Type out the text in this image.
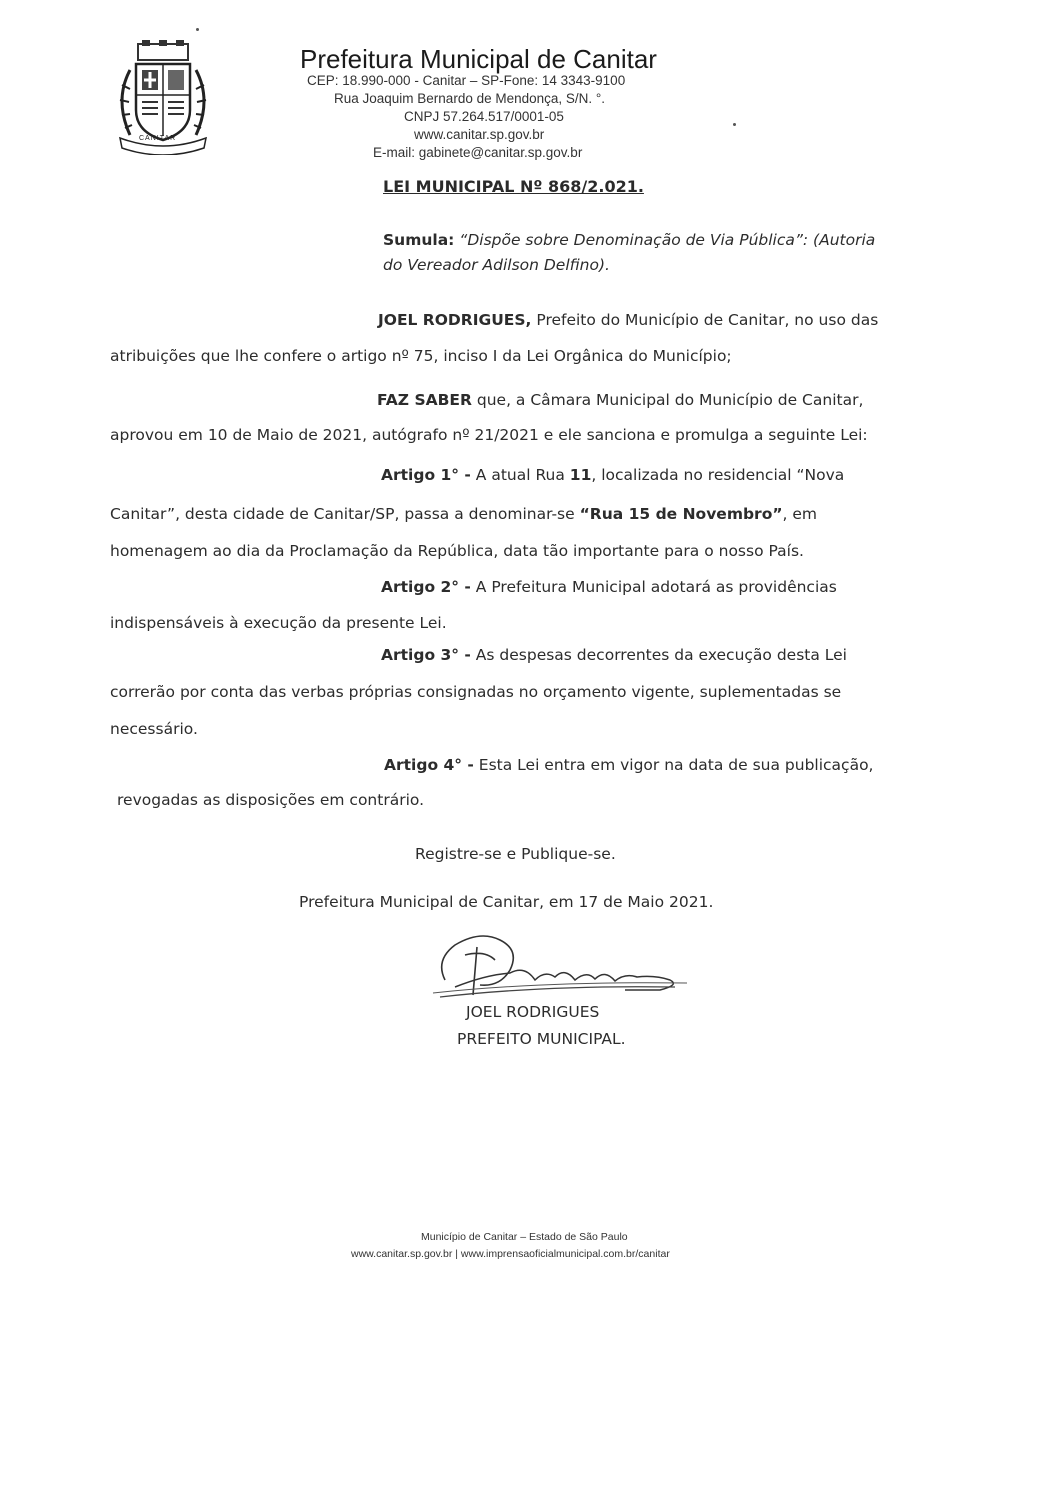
CANITAR
Prefeitura Municipal de Canitar
CEP: 18.990-000 - Canitar – SP-Fone: 14 3343-9100
Rua Joaquim Bernardo de Mendonça, S/N. °.
CNPJ 57.264.517/0001-05
www.canitar.sp.gov.br
E-mail: gabinete@canitar.sp.gov.br
LEI MUNICIPAL Nº 868/2.021.
Sumula: “Dispõe sobre Denominação de Via Pública”: (Autoria
do Vereador Adilson Delfino).
JOEL RODRIGUES, Prefeito do Município de Canitar, no uso das
atribuições que lhe confere o artigo nº 75, inciso I da Lei Orgânica do Município;
FAZ SABER que, a Câmara Municipal do Município de Canitar,
aprovou em 10 de Maio de 2021, autógrafo nº 21/2021 e ele sanciona e promulga a seguinte Lei:
Artigo 1° - A atual Rua 11, localizada no residencial “Nova
Canitar”, desta cidade de Canitar/SP, passa a denominar-se “Rua 15 de Novembro”, em
homenagem ao dia da Proclamação da República, data tão importante para o nosso País.
Artigo 2° - A Prefeitura Municipal adotará as providências
indispensáveis à execução da presente Lei.
Artigo 3° - As despesas decorrentes da execução desta Lei
correrão por conta das verbas próprias consignadas no orçamento vigente, suplementadas se
necessário.
Artigo 4° - Esta Lei entra em vigor na data de sua publicação,
revogadas as disposições em contrário.
Registre-se e Publique-se.
Prefeitura Municipal de Canitar, em 17 de Maio 2021.
JOEL RODRIGUES
PREFEITO MUNICIPAL.
Município de Canitar – Estado de São Paulo
www.canitar.sp.gov.br | www.imprensaoficialmunicipal.com.br/canitar
